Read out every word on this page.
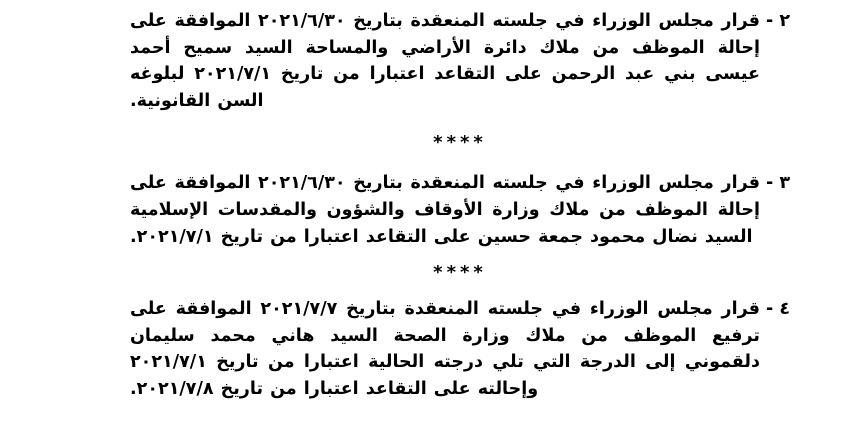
٢ -
قرار مجلس الوزراء في جلسته المنعقدة بتاريخ ٢٠٢١/٦/٣٠ الموافقة على إحالة الموظف من ملاك دائرة الأراضي والمساحة السيد سميح أحمد عيسى بني عبد الرحمن على التقاعد اعتبارا من تاريخ ٢٠٢١/٧/١ لبلوغه السن القانونية.
****
٣ -
قرار مجلس الوزراء في جلسته المنعقدة بتاريخ ٢٠٢١/٦/٣٠ الموافقة على إحالة الموظف من ملاك وزارة الأوقاف والشؤون والمقدسات الإسلامية السيد نضال محمود جمعة حسين على التقاعد اعتبارا من تاريخ ٢٠٢١/٧/١.
****
٤ -
قرار مجلس الوزراء في جلسته المنعقدة بتاريخ ٢٠٢١/٧/٧ الموافقة على ترفيع الموظف من ملاك وزارة الصحة السيد هاني محمد سليمان دلقموني إلى الدرجة التي تلي درجته الحالية اعتبارا من تاريخ ٢٠٢١/٧/١ وإحالته على التقاعد اعتبارا من تاريخ ٢٠٢١/٧/٨.
